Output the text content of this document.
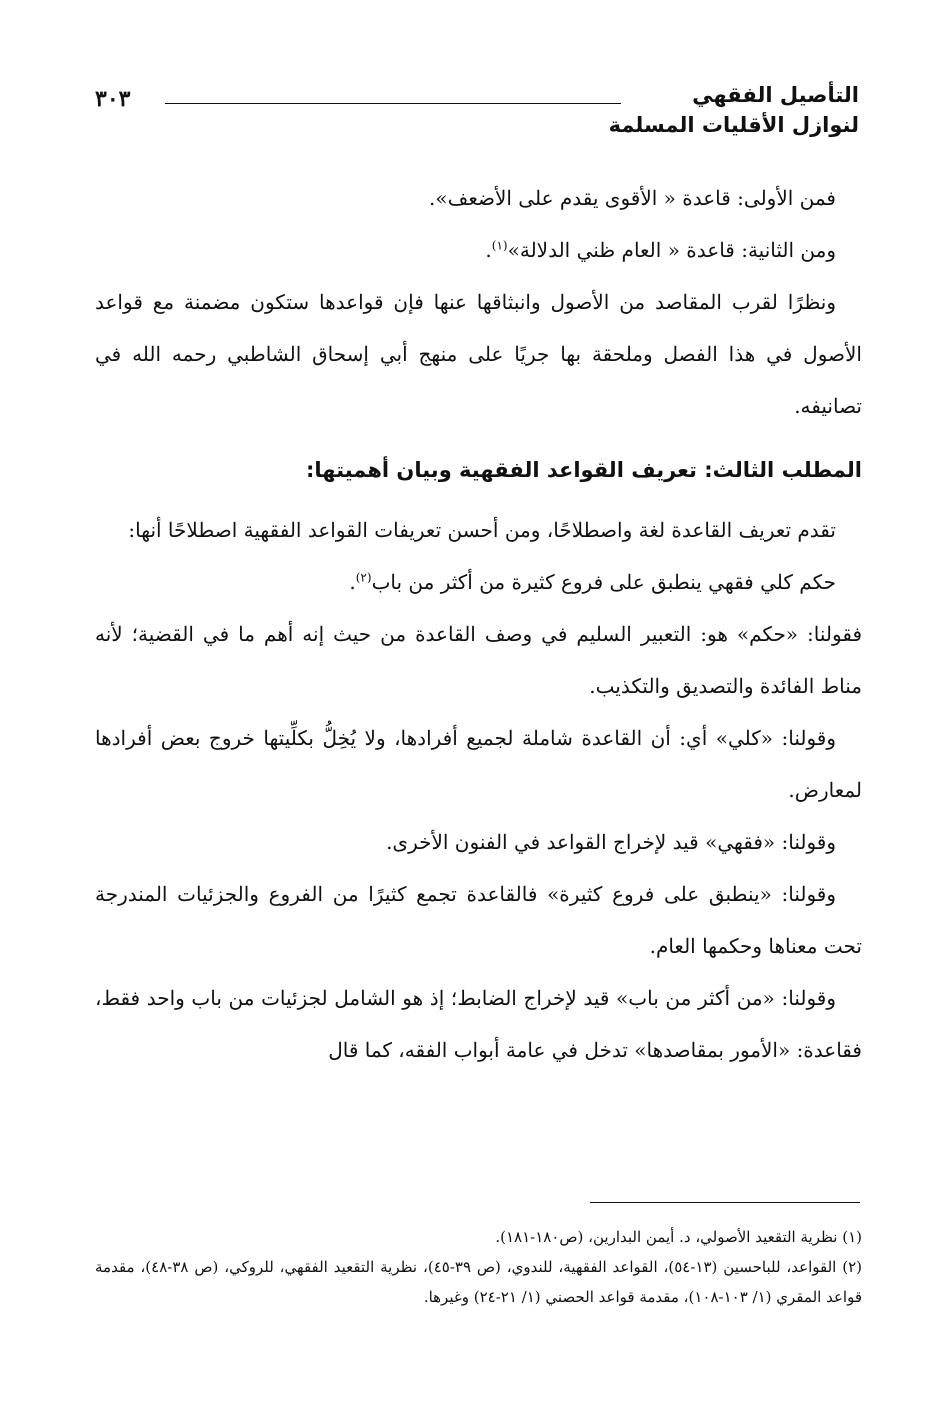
التأصيل الفقهي
لنوازل الأقليات المسلمة
٣٠٣

فمن الأولى: قاعدة « الأقوى يقدم على الأضعف».

ومن الثانية: قاعدة « العام ظني الدلالة»$^{(١)}$.

ونظرًا لقرب المقاصد من الأصول وانبثاقها عنها فإن قواعدها ستكون مضمنة مع قواعد الأصول في هذا الفصل وملحقة بها جريًا على منهج أبي إسحاق الشاطبي رحمه الله في تصانيفه.

المطلب الثالث: تعريف القواعد الفقهية وبيان أهميتها:

تقدم تعريف القاعدة لغة واصطلاحًا، ومن أحسن تعريفات القواعد الفقهية اصطلاحًا أنها:

حكم كلي فقهي ينطبق على فروع كثيرة من أكثر من باب$^{(٢)}$.

فقولنا: «حكم» هو: التعبير السليم في وصف القاعدة من حيث إنه أهم ما في القضية؛ لأنه مناط الفائدة والتصديق والتكذيب.

وقولنا: «كلي» أي: أن القاعدة شاملة لجميع أفرادها، ولا يُخِلُّ بكلِّيتها خروج بعض أفرادها لمعارض.

وقولنا: «فقهي» قيد لإخراج القواعد في الفنون الأخرى.

وقولنا: «ينطبق على فروع كثيرة» فالقاعدة تجمع كثيرًا من الفروع والجزئيات المندرجة تحت معناها وحكمها العام.

وقولنا: «من أكثر من باب» قيد لإخراج الضابط؛ إذ هو الشامل لجزئيات من باب واحد فقط، فقاعدة: «الأمور بمقاصدها» تدخل في عامة أبواب الفقه، كما قال

(١) نظرية التقعيد الأصولي، د. أيمن البدارين، (ص١٨٠-١٨١).

(٢) القواعد، للباحسين (١٣-٥٤)، القواعد الفقهية، للندوي، (ص ٣٩-٤٥)، نظرية التقعيد الفقهي، للروكي، (ص ٣٨-٤٨)، مقدمة قواعد المقري (١/ ١٠٣-١٠٨)، مقدمة قواعد الحصني (١/ ٢١-٢٤) وغيرها.
